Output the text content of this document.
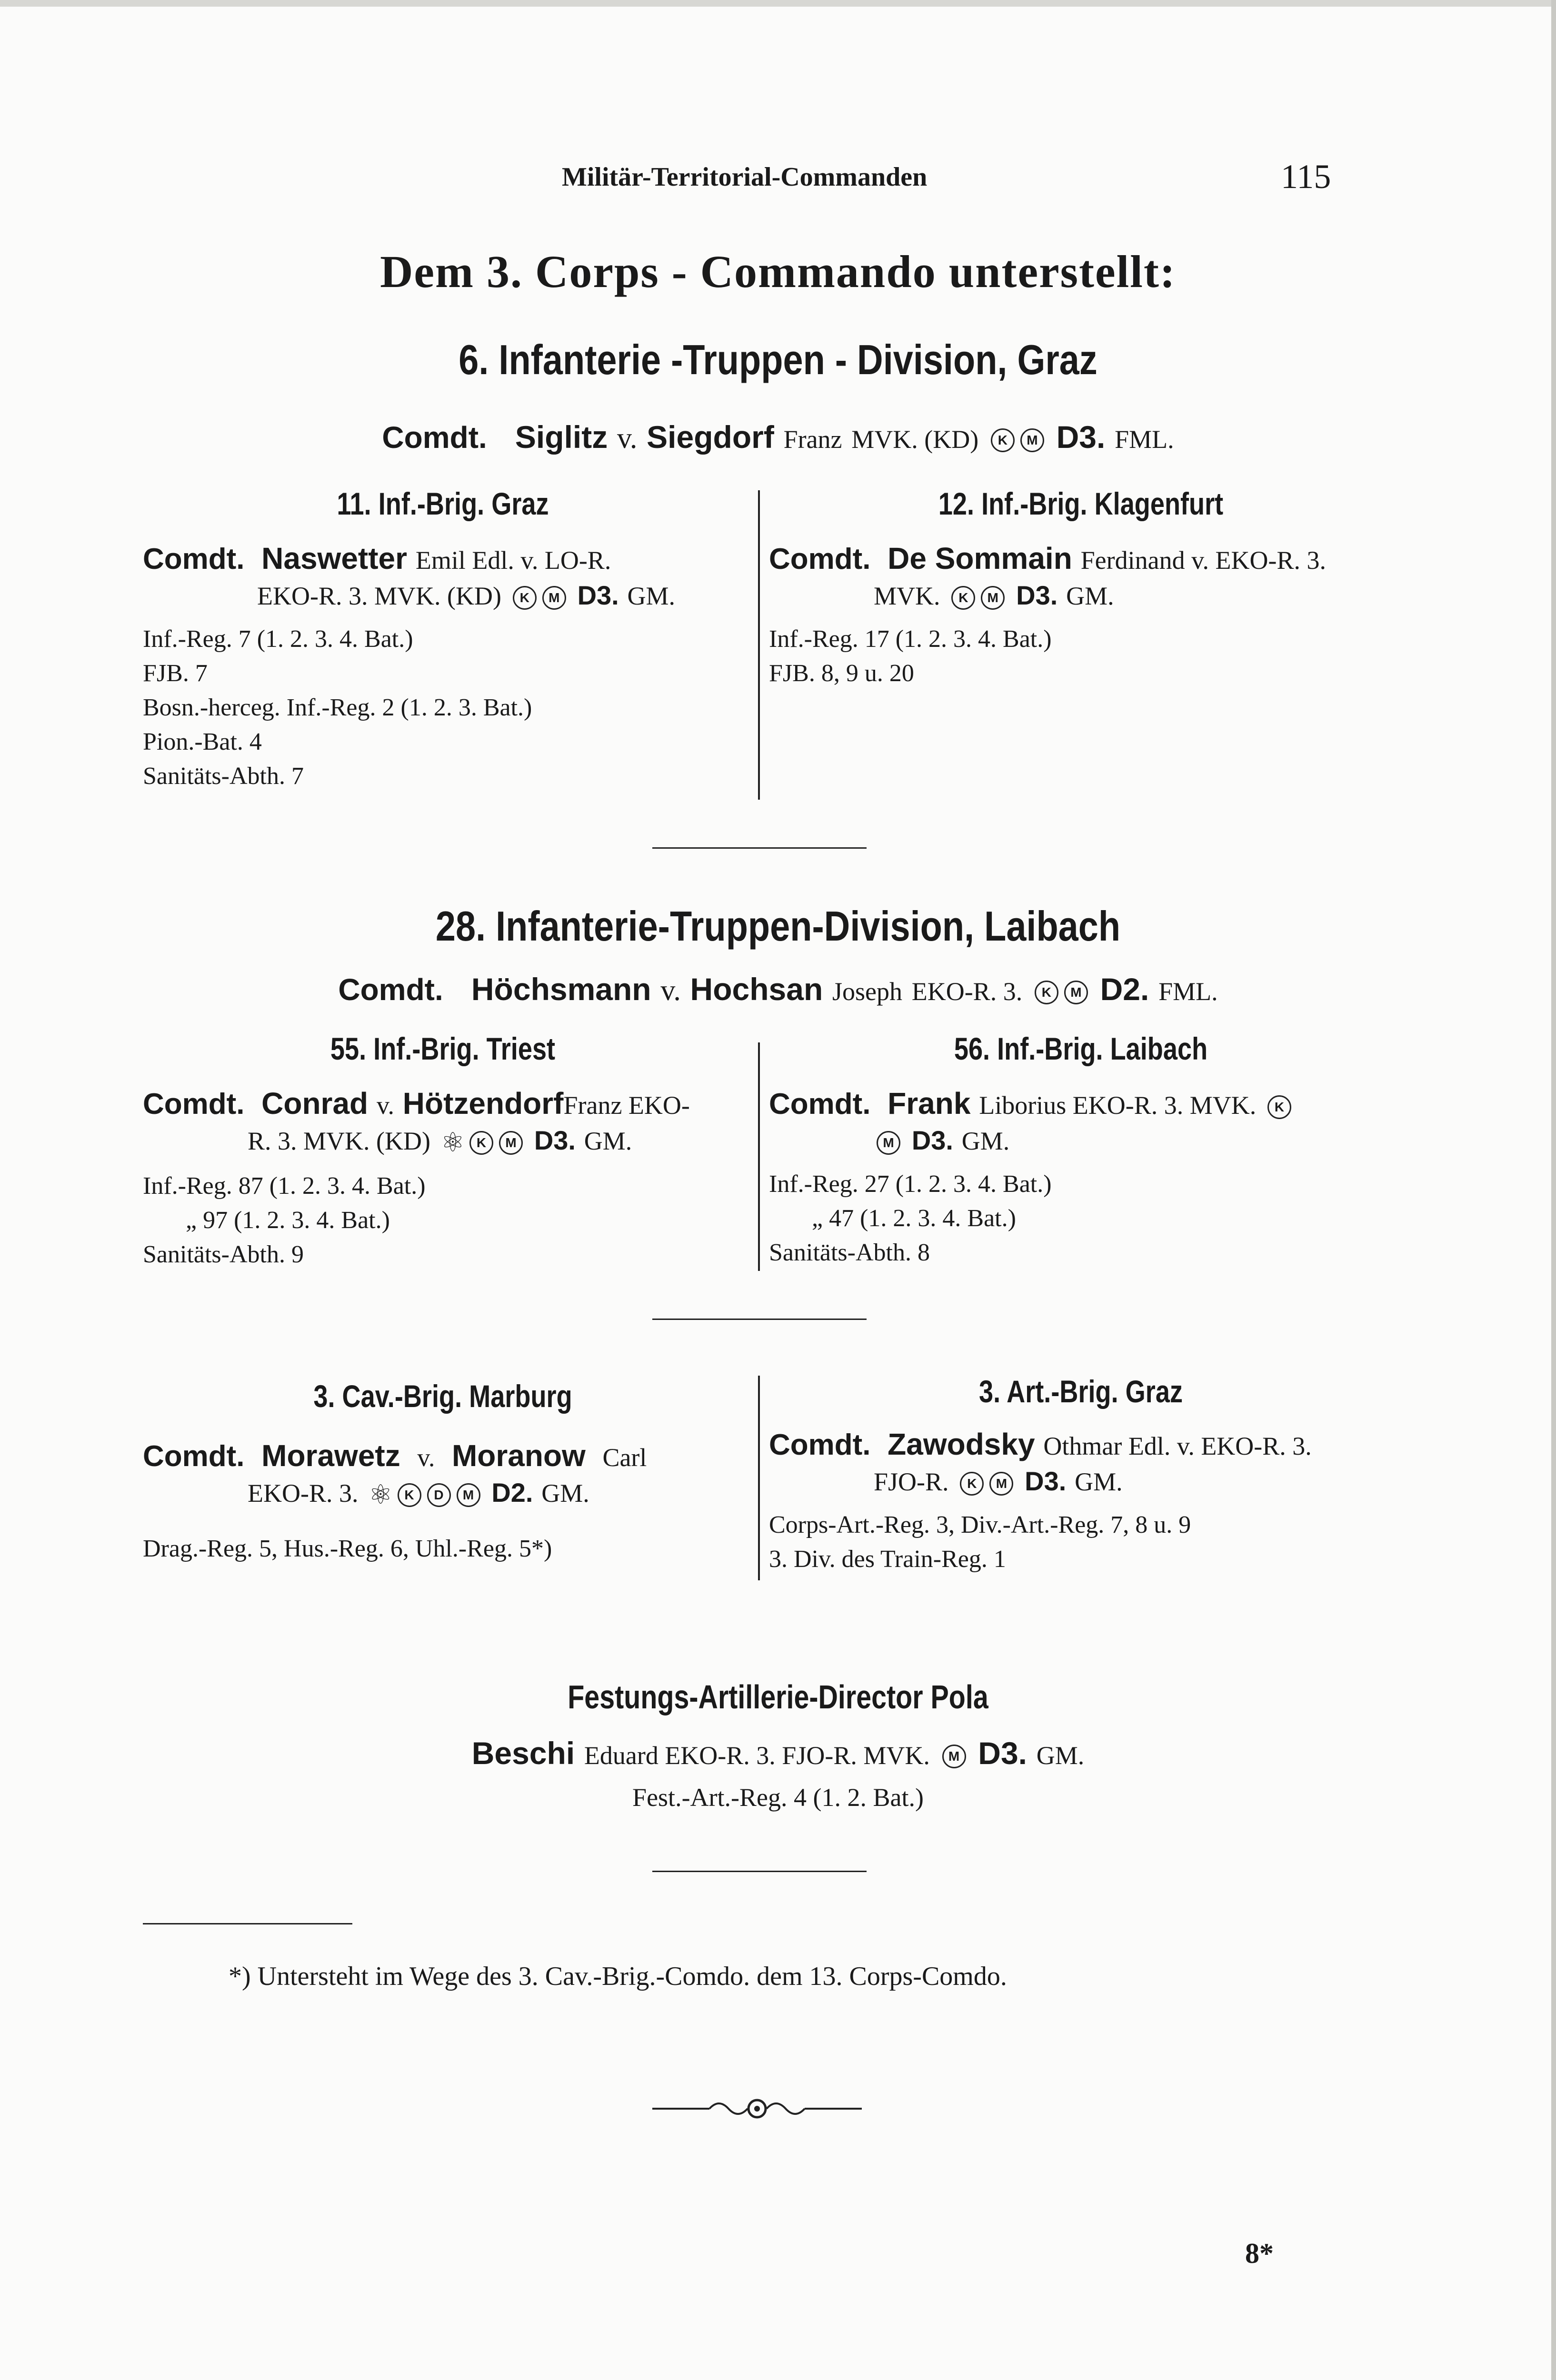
Militär-Territorial-Commanden	115
Dem 3. Corps - Commando unterstellt:
6. Infanterie -Truppen - Division, Graz
Comdt. Siglitz v. Siegdorf Franz MVK. (KD) K M D3. FML.
11. Inf.-Brig. Graz
Comdt. Naswetter Emil Edl. v. LO-R.
EKO-R. 3. MVK. (KD) K M D3. GM.
Inf.-Reg. 7 (1. 2. 3. 4. Bat.)
FJB. 7
Bosn.-herceg. Inf.-Reg. 2 (1. 2. 3. Bat.)
Pion.-Bat. 4
Sanitäts-Abth. 7
12. Inf.-Brig. Klagenfurt
Comdt. De Sommain Ferdinand v. EKO-R. 3.
MVK. K M D3. GM.
Inf.-Reg. 17 (1. 2. 3. 4. Bat.)
FJB. 8, 9 u. 20
28. Infanterie-Truppen-Division, Laibach
Comdt. Höchsmann v. Hochsan Joseph EKO-R. 3. K M D2. FML.
55. Inf.-Brig. Triest
Comdt. Conrad v. HötzendorfFranz EKO-
R. 3. MVK. (KD) ⚛ K M D3. GM.
Inf.-Reg. 87 (1. 2. 3. 4. Bat.)
„ 97 (1. 2. 3. 4. Bat.)
Sanitäts-Abth. 9
56. Inf.-Brig. Laibach
Comdt. Frank Liborius EKO-R. 3. MVK. K
M D3. GM.
Inf.-Reg. 27 (1. 2. 3. 4. Bat.)
„ 47 (1. 2. 3. 4. Bat.)
Sanitäts-Abth. 8
3. Cav.-Brig. Marburg
Comdt. Morawetz v. Moranow Carl
EKO-R. 3. ⚛ K D M D2. GM.
Drag.-Reg. 5, Hus.-Reg. 6, Uhl.-Reg. 5*)
3. Art.-Brig. Graz
Comdt. Zawodsky Othmar Edl. v. EKO-R. 3.
FJO-R. K M D3. GM.
Corps-Art.-Reg. 3, Div.-Art.-Reg. 7, 8 u. 9
3. Div. des Train-Reg. 1
Festungs-Artillerie-Director Pola
Beschi Eduard EKO-R. 3. FJO-R. MVK. M D3. GM.
Fest.-Art.-Reg. 4 (1. 2. Bat.)
*) Untersteht im Wege des 3. Cav.-Brig.-Comdo. dem 13. Corps-Comdo.
8*
